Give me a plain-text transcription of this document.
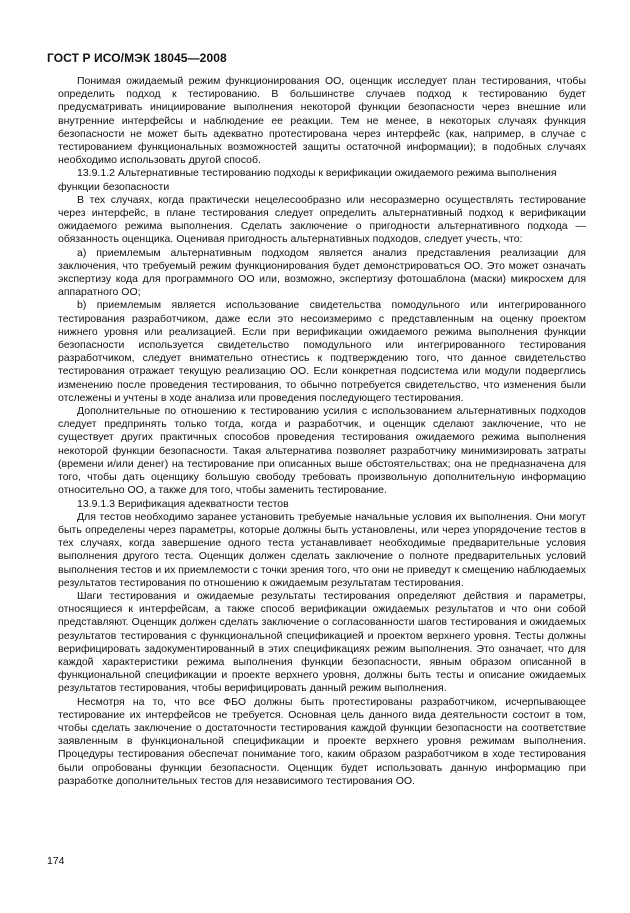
ГОСТ Р ИСО/МЭК 18045—2008

Понимая ожидаемый режим функционирования ОО, оценщик исследует план тестирования, чтобы определить подход к тестированию. В большинстве случаев подход к тестированию будет предусматривать инициирование выполнения некоторой функции безопасности через внешние или внутренние интерфейсы и наблюдение ее реакции. Тем не менее, в некоторых случаях функция безопасности не может быть адекватно протестирована через интерфейс (как, например, в случае с тестированием функциональных возможностей защиты остаточной информации); в подобных случаях необходимо использовать другой способ.

13.9.1.2 Альтернативные тестированию подходы к верификации ожидаемого режима выполнения функции безопасности

В тех случаях, когда практически нецелесообразно или несоразмерно осуществлять тестирование через интерфейс, в плане тестирования следует определить альтернативный подход к верификации ожидаемого режима выполнения. Сделать заключение о пригодности альтернативного подхода — обязанность оценщика. Оценивая пригодность альтернативных подходов, следует учесть, что:

a) приемлемым альтернативным подходом является анализ представления реализации для заключения, что требуемый режим функционирования будет демонстрироваться ОО. Это может означать экспертизу кода для программного ОО или, возможно, экспертизу фотошаблона (маски) микросхем для аппаратного ОО;

b) приемлемым является использование свидетельства помодульного или интегрированного тестирования разработчиком, даже если это несоизмеримо с представленным на оценку проектом нижнего уровня или реализацией. Если при верификации ожидаемого режима выполнения функции безопасности используется свидетельство помодульного или интегрированного тестирования разработчиком, следует внимательно отнестись к подтверждению того, что данное свидетельство тестирования отражает текущую реализацию ОО. Если конкретная подсистема или модули подверглись изменению после проведения тестирования, то обычно потребуется свидетельство, что изменения были отслежены и учтены в ходе анализа или проведения последующего тестирования.

Дополнительные по отношению к тестированию усилия с использованием альтернативных подходов следует предпринять только тогда, когда и разработчик, и оценщик сделают заключение, что не существует других практичных способов проведения тестирования ожидаемого режима выполнения некоторой функции безопасности. Такая альтернатива позволяет разработчику минимизировать затраты (времени и/или денег) на тестирование при описанных выше обстоятельствах; она не предназначена для того, чтобы дать оценщику большую свободу требовать произвольную дополнительную информацию относительно ОО, а также для того, чтобы заменить тестирование.

13.9.1.3 Верификация адекватности тестов

Для тестов необходимо заранее установить требуемые начальные условия их выполнения. Они могут быть определены через параметры, которые должны быть установлены, или через упорядочение тестов в тех случаях, когда завершение одного теста устанавливает необходимые предварительные условия выполнения другого теста. Оценщик должен сделать заключение о полноте предварительных условий выполнения тестов и их приемлемости с точки зрения того, что они не приведут к смещению наблюдаемых результатов тестирования по отношению к ожидаемым результатам тестирования.

Шаги тестирования и ожидаемые результаты тестирования определяют действия и параметры, относящиеся к интерфейсам, а также способ верификации ожидаемых результатов и что они собой представляют. Оценщик должен сделать заключение о согласованности шагов тестирования и ожидаемых результатов тестирования с функциональной спецификацией и проектом верхнего уровня. Тесты должны верифицировать задокументированный в этих спецификациях режим выполнения. Это означает, что для каждой характеристики режима выполнения функции безопасности, явным образом описанной в функциональной спецификации и проекте верхнего уровня, должны быть тесты и описание ожидаемых результатов тестирования, чтобы верифицировать данный режим выполнения.

Несмотря на то, что все ФБО должны быть протестированы разработчиком, исчерпывающее тестирование их интерфейсов не требуется. Основная цель данного вида деятельности состоит в том, чтобы сделать заключение о достаточности тестирования каждой функции безопасности на соответствие заявленным в функциональной спецификации и проекте верхнего уровня режимам выполнения. Процедуры тестирования обеспечат понимание того, каким образом разработчиком в ходе тестирования были опробованы функции безопасности. Оценщик будет использовать данную информацию при разработке дополнительных тестов для независимого тестирования ОО.

174
